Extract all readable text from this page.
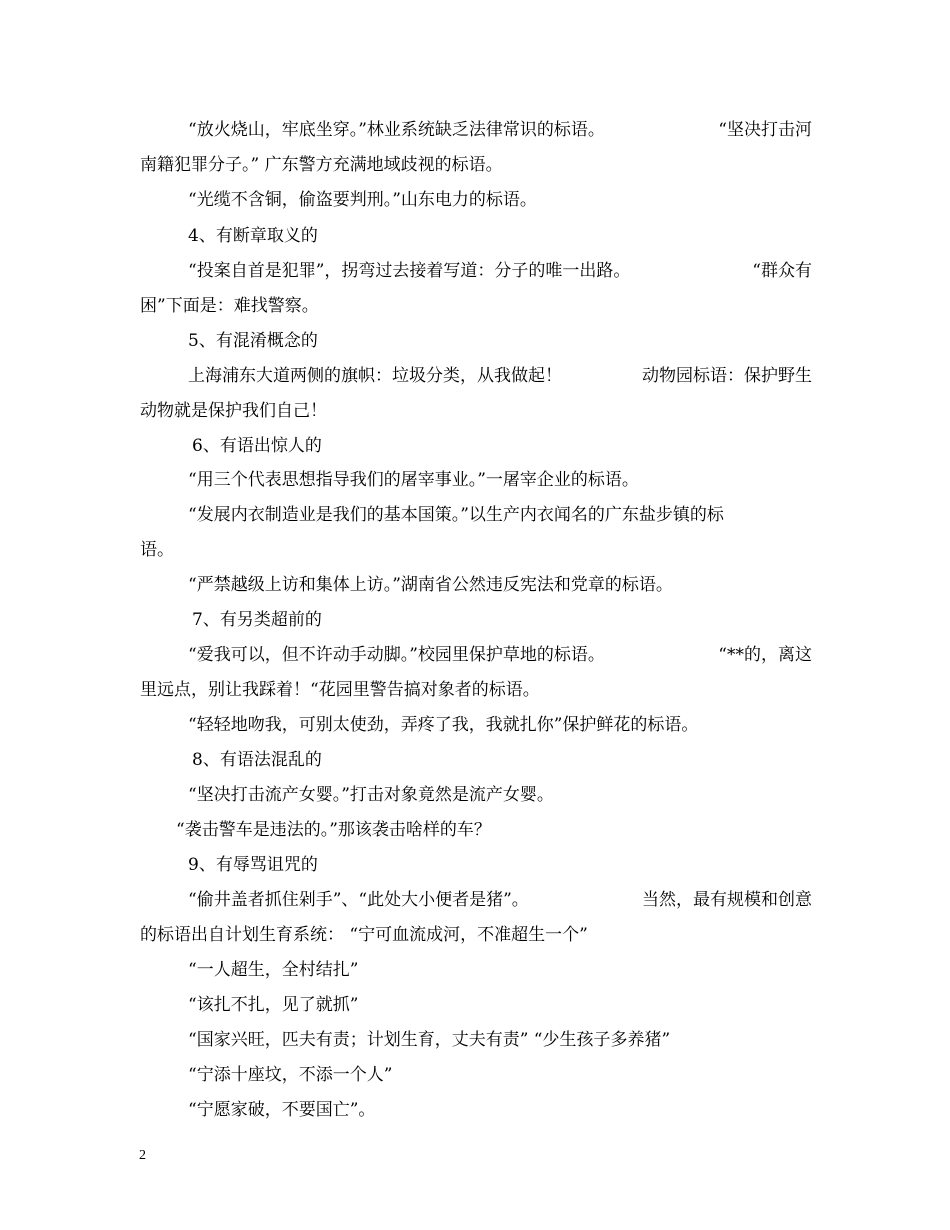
“放火烧山，牢底坐穿。”林业系统缺乏法律常识的标语。	“坚决打击河
南籍犯罪分子。” 广东警方充满地域歧视的标语。
“光缆不含铜，偷盗要判刑。”山东电力的标语。
4、有断章取义的
“投案自首是犯罪”，拐弯过去接着写道：分子的唯一出路。	“群众有
困”下面是：难找警察。
5、有混淆概念的
上海浦东大道两侧的旗帜：垃圾分类，从我做起！	动物园标语：保护野生
动物就是保护我们自己！
6、有语出惊人的
“用三个代表思想指导我们的屠宰事业。”一屠宰企业的标语。
“发展内衣制造业是我们的基本国策。”以生产内衣闻名的广东盐步镇的标
语。
“严禁越级上访和集体上访。”湖南省公然违反宪法和党章的标语。
7、有另类超前的
“爱我可以，但不许动手动脚。”校园里保护草地的标语。	“**的，离这
里远点，别让我踩着！“花园里警告搞对象者的标语。
“轻轻地吻我，可别太使劲，弄疼了我，我就扎你”保护鲜花的标语。
8、有语法混乱的
“坚决打击流产女婴。”打击对象竟然是流产女婴。
“袭击警车是违法的。”那该袭击啥样的车？
9、有辱骂诅咒的
“偷井盖者抓住剁手”、“此处大小便者是猪”。	当然，最有规模和创意
的标语出自计划生育系统： “宁可血流成河，不准超生一个”
“一人超生，全村结扎”
“该扎不扎，见了就抓”
“国家兴旺，匹夫有责；计划生育，丈夫有责” “少生孩子多养猪”
“宁添十座坟，不添一个人”
“宁愿家破，不要国亡”。
2
